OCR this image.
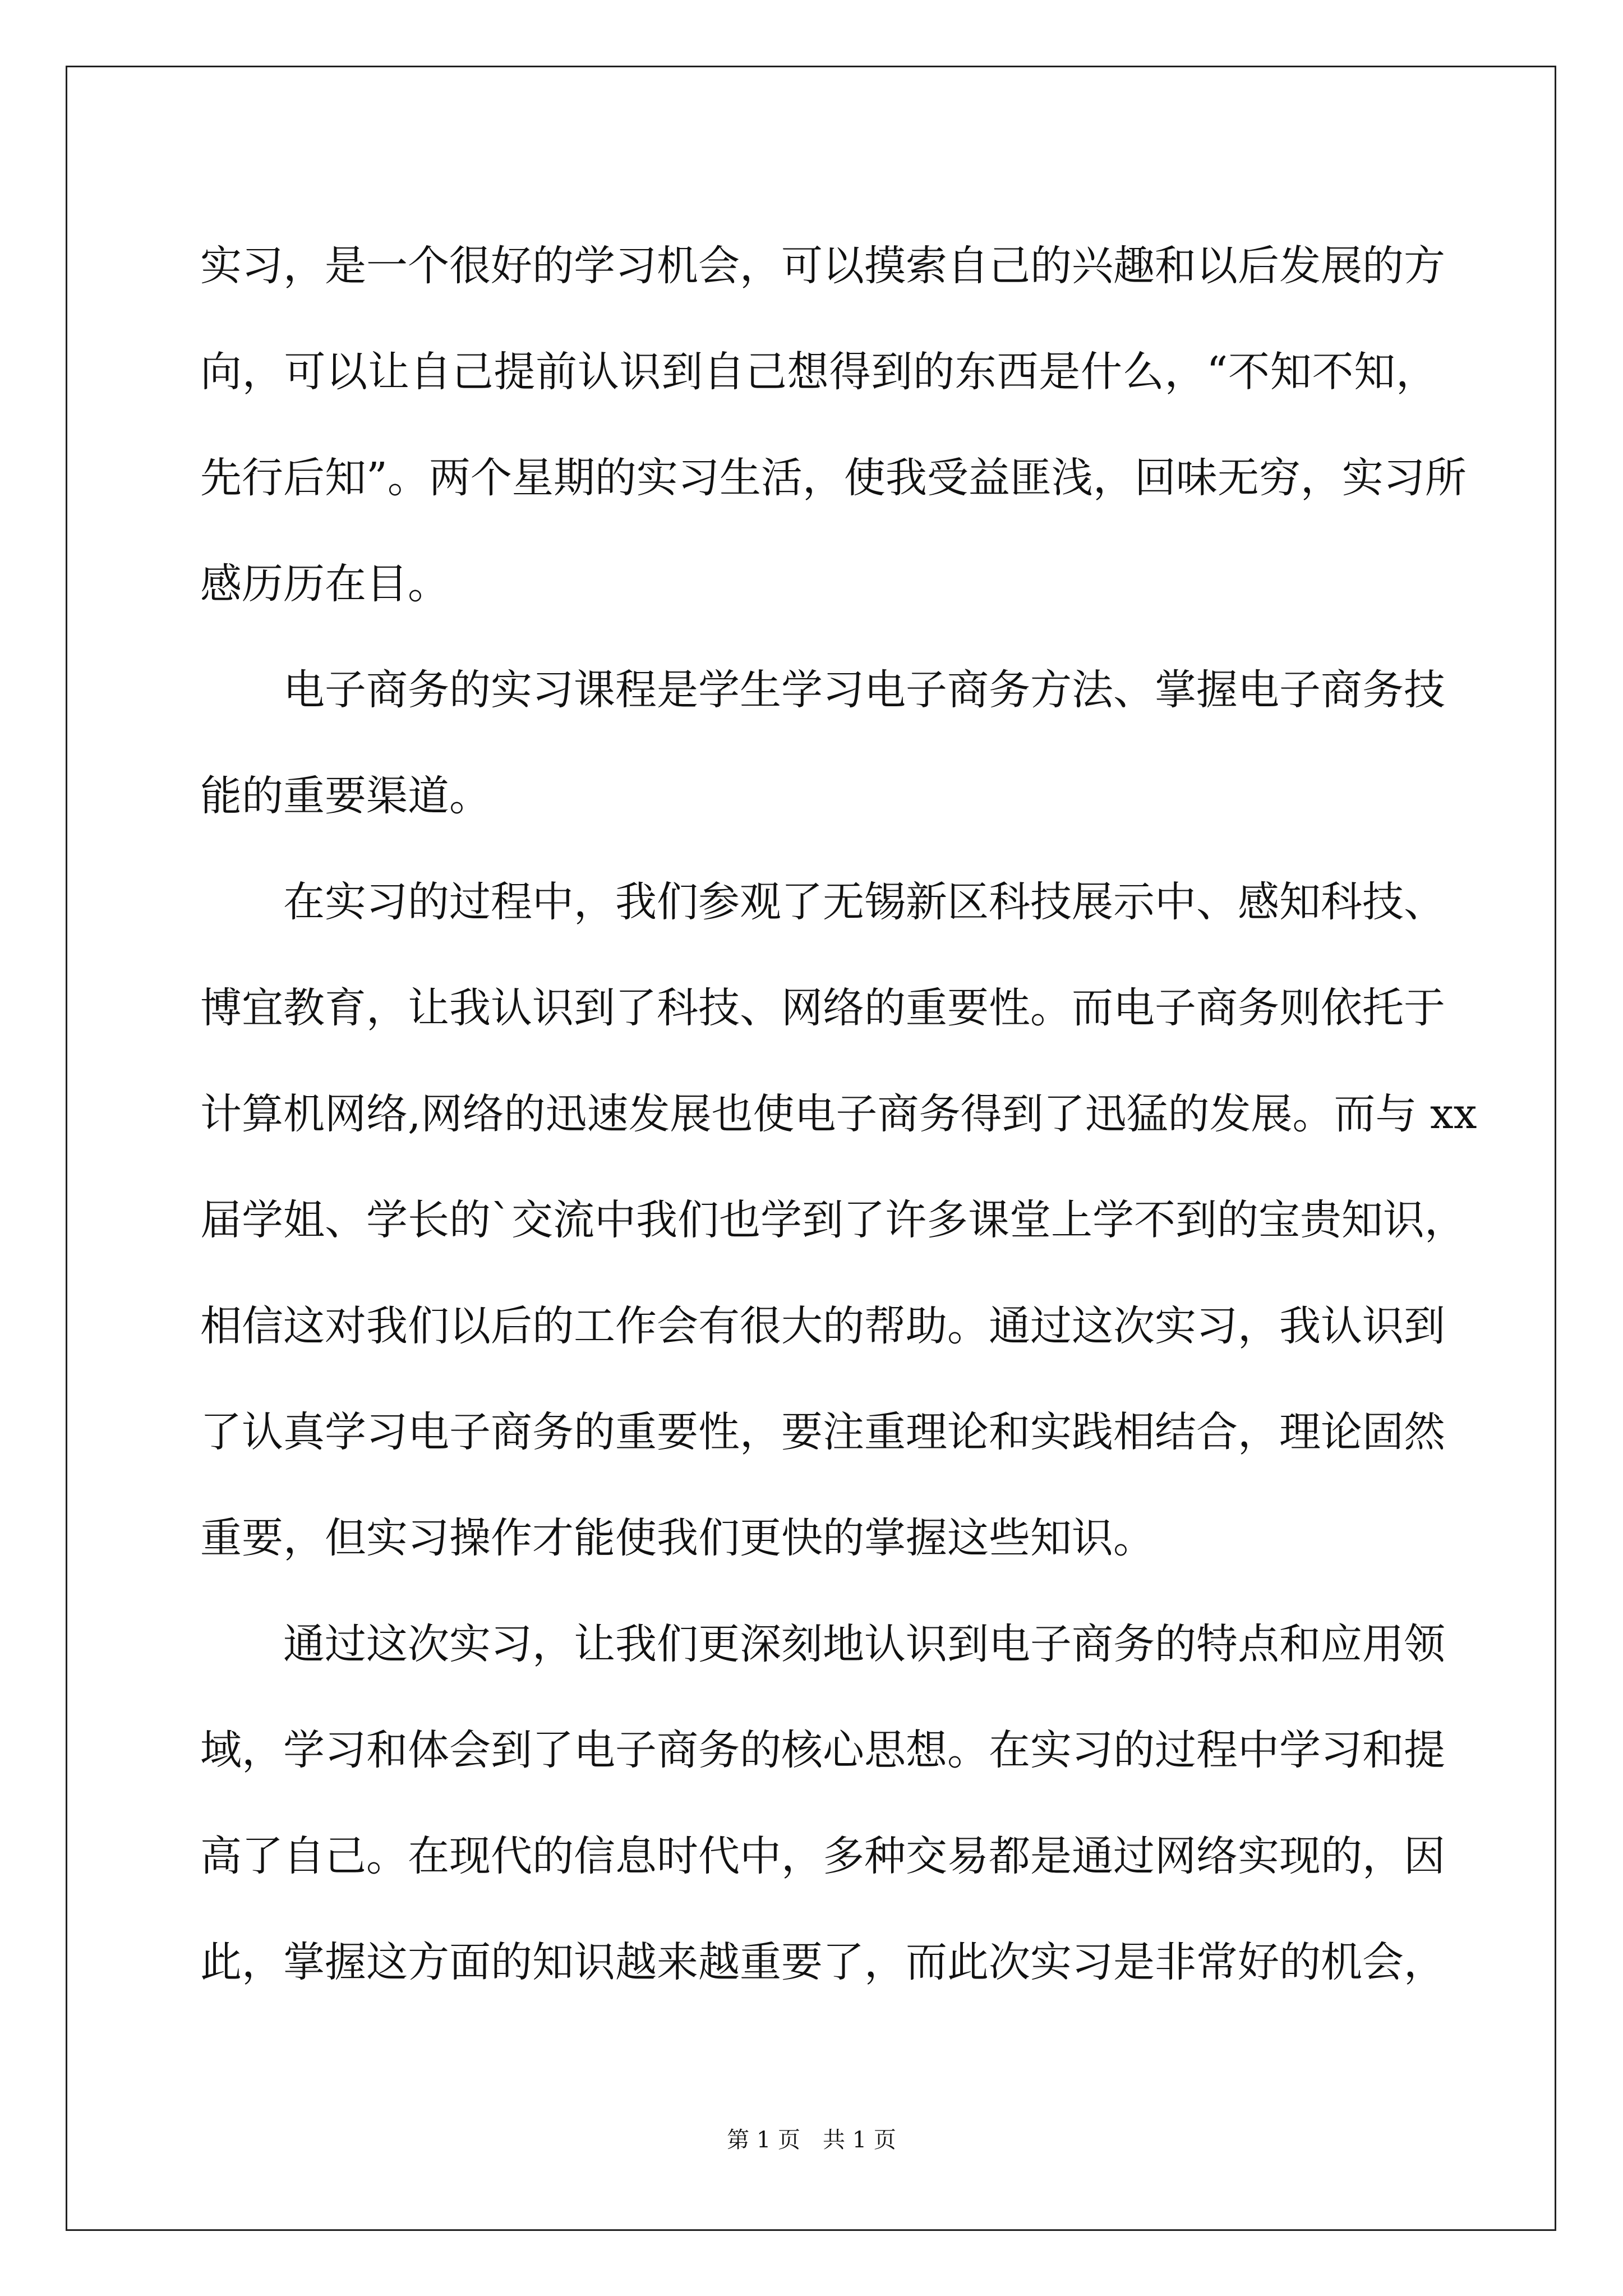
实习，是一个很好的学习机会，可以摸索自己的兴趣和以后发展的方
向，可以让自己提前认识到自己想得到的东西是什么，“不知不知，
先行后知”。两个星期的实习生活，使我受益匪浅，回味无穷，实习所
感历历在目。
　　电子商务的实习课程是学生学习电子商务方法、掌握电子商务技
能的重要渠道。
　　在实习的过程中，我们参观了无锡新区科技展示中、感知科技、
博宜教育，让我认识到了科技、网络的重要性。而电子商务则依托于
计算机网络,网络的迅速发展也使电子商务得到了迅猛的发展。而与 xx
届学姐、学长的`交流中我们也学到了许多课堂上学不到的宝贵知识，
相信这对我们以后的工作会有很大的帮助。通过这次实习，我认识到
了认真学习电子商务的重要性，要注重理论和实践相结合，理论固然
重要，但实习操作才能使我们更快的掌握这些知识。
　　通过这次实习，让我们更深刻地认识到电子商务的特点和应用领
域，学习和体会到了电子商务的核心思想。在实习的过程中学习和提
高了自己。在现代的信息时代中，多种交易都是通过网络实现的，因
此，掌握这方面的知识越来越重要了，而此次实习是非常好的机会，
第 1 页　共 1 页
